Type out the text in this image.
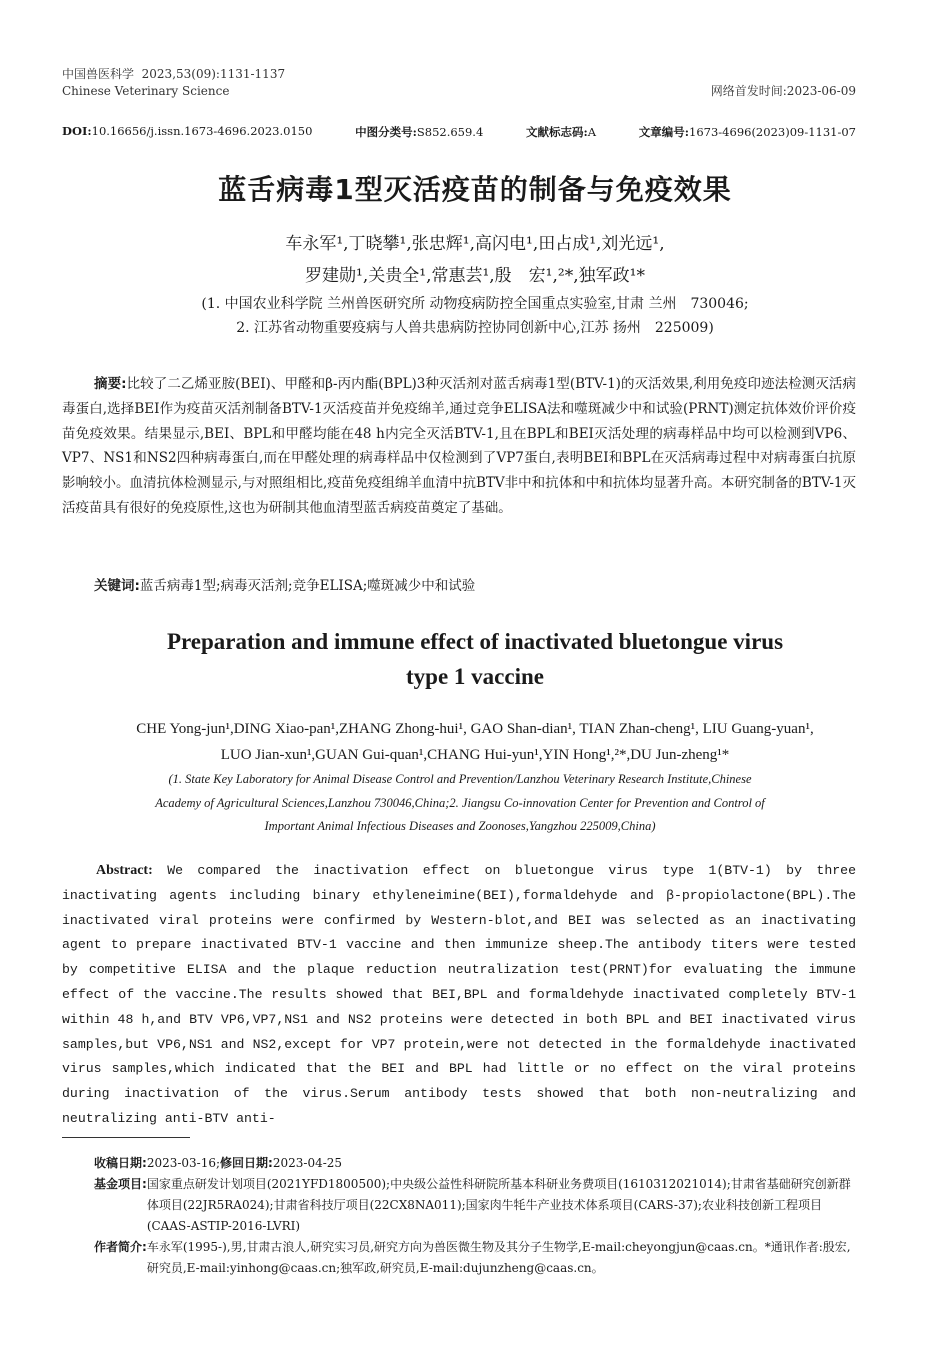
中国兽医科学 2023,53(09):1131-1137
Chinese Veterinary Science	网络首发时间:2023-06-09
DOI:10.16656/j.issn.1673-4696.2023.0150	中图分类号:S852.659.4	文献标志码:A	文章编号:1673-4696(2023)09-1131-07
蓝舌病毒1型灭活疫苗的制备与免疫效果
车永军¹,丁晓攀¹,张忠辉¹,高闪电¹,田占成¹,刘光远¹,
罗建勋¹,关贵全¹,常惠芸¹,殷　宏¹,²*,独军政¹*
(1. 中国农业科学院 兰州兽医研究所 动物疫病防控全国重点实验室,甘肃 兰州　730046;
2. 江苏省动物重要疫病与人兽共患病防控协同创新中心,江苏 扬州　225009)
摘要:比较了二乙烯亚胺(BEI)、甲醛和β-丙内酯(BPL)3种灭活剂对蓝舌病毒1型(BTV-1)的灭活效果,利用免疫印迹法检测灭活病毒蛋白,选择BEI作为疫苗灭活剂制备BTV-1灭活疫苗并免疫绵羊,通过竞争ELISA法和噬斑减少中和试验(PRNT)测定抗体效价评价疫苗免疫效果。结果显示,BEI、BPL和甲醛均能在48 h内完全灭活BTV-1,且在BPL和BEI灭活处理的病毒样品中均可以检测到VP6、VP7、NS1和NS2四种病毒蛋白,而在甲醛处理的病毒样品中仅检测到了VP7蛋白,表明BEI和BPL在灭活病毒过程中对病毒蛋白抗原影响较小。血清抗体检测显示,与对照组相比,疫苗免疫组绵羊血清中抗BTV非中和抗体和中和抗体均显著升高。本研究制备的BTV-1灭活疫苗具有很好的免疫原性,这也为研制其他血清型蓝舌病疫苗奠定了基础。
关键词:蓝舌病毒1型;病毒灭活剂;竞争ELISA;噬斑减少中和试验
Preparation and immune effect of inactivated bluetongue virus
type 1 vaccine
CHE Yong-jun¹,DING Xiao-pan¹,ZHANG Zhong-hui¹, GAO Shan-dian¹, TIAN Zhan-cheng¹, LIU Guang-yuan¹,
LUO Jian-xun¹,GUAN Gui-quan¹,CHANG Hui-yun¹,YIN Hong¹,²*,DU Jun-zheng¹*
(1. State Key Laboratory for Animal Disease Control and Prevention/Lanzhou Veterinary Research Institute,Chinese
Academy of Agricultural Sciences,Lanzhou 730046,China;2. Jiangsu Co-innovation Center for Prevention and Control of
Important Animal Infectious Diseases and Zoonoses,Yangzhou 225009,China)
Abstract: We compared the inactivation effect on bluetongue virus type 1(BTV-1) by three inactivating agents including binary ethyleneimine(BEI),formaldehyde and β-propiolactone(BPL).The inactivated viral proteins were confirmed by Western-blot,and BEI was selected as an inactivating agent to prepare inactivated BTV-1 vaccine and then immunize sheep.The antibody titers were tested by competitive ELISA and the plaque reduction neutralization test(PRNT)for evaluating the immune effect of the vaccine.The results showed that BEI,BPL and formaldehyde inactivated completely BTV-1 within 48 h,and BTV VP6,VP7,NS1 and NS2 proteins were detected in both BPL and BEI inactivated virus samples,but VP6,NS1 and NS2,except for VP7 protein,were not detected in the formaldehyde inactivated virus samples,which indicated that the BEI and BPL had little or no effect on the viral proteins during inactivation of the virus.Serum antibody tests showed that both non-neutralizing and neutralizing anti-BTV anti-
收稿日期: 2023-03-16; 修回日期: 2023-04-25
基金项目: 国家重点研发计划项目(2021YFD1800500);中央级公益性科研院所基本科研业务费项目(1610312021014);甘肃省基础研究创新群体项目(22JR5RA024);甘肃省科技厅项目(22CX8NA011);国家肉牛牦牛产业技术体系项目(CARS-37);农业科技创新工程项目(CAAS-ASTIP-2016-LVRI)
作者简介: 车永军(1995-),男,甘肃古浪人,研究实习员,研究方向为兽医微生物及其分子生物学,E-mail:cheyongjun@caas.cn。*通讯作者:殷宏,研究员,E-mail:yinhong@caas.cn;独军政,研究员,E-mail:dujunzheng@caas.cn。
